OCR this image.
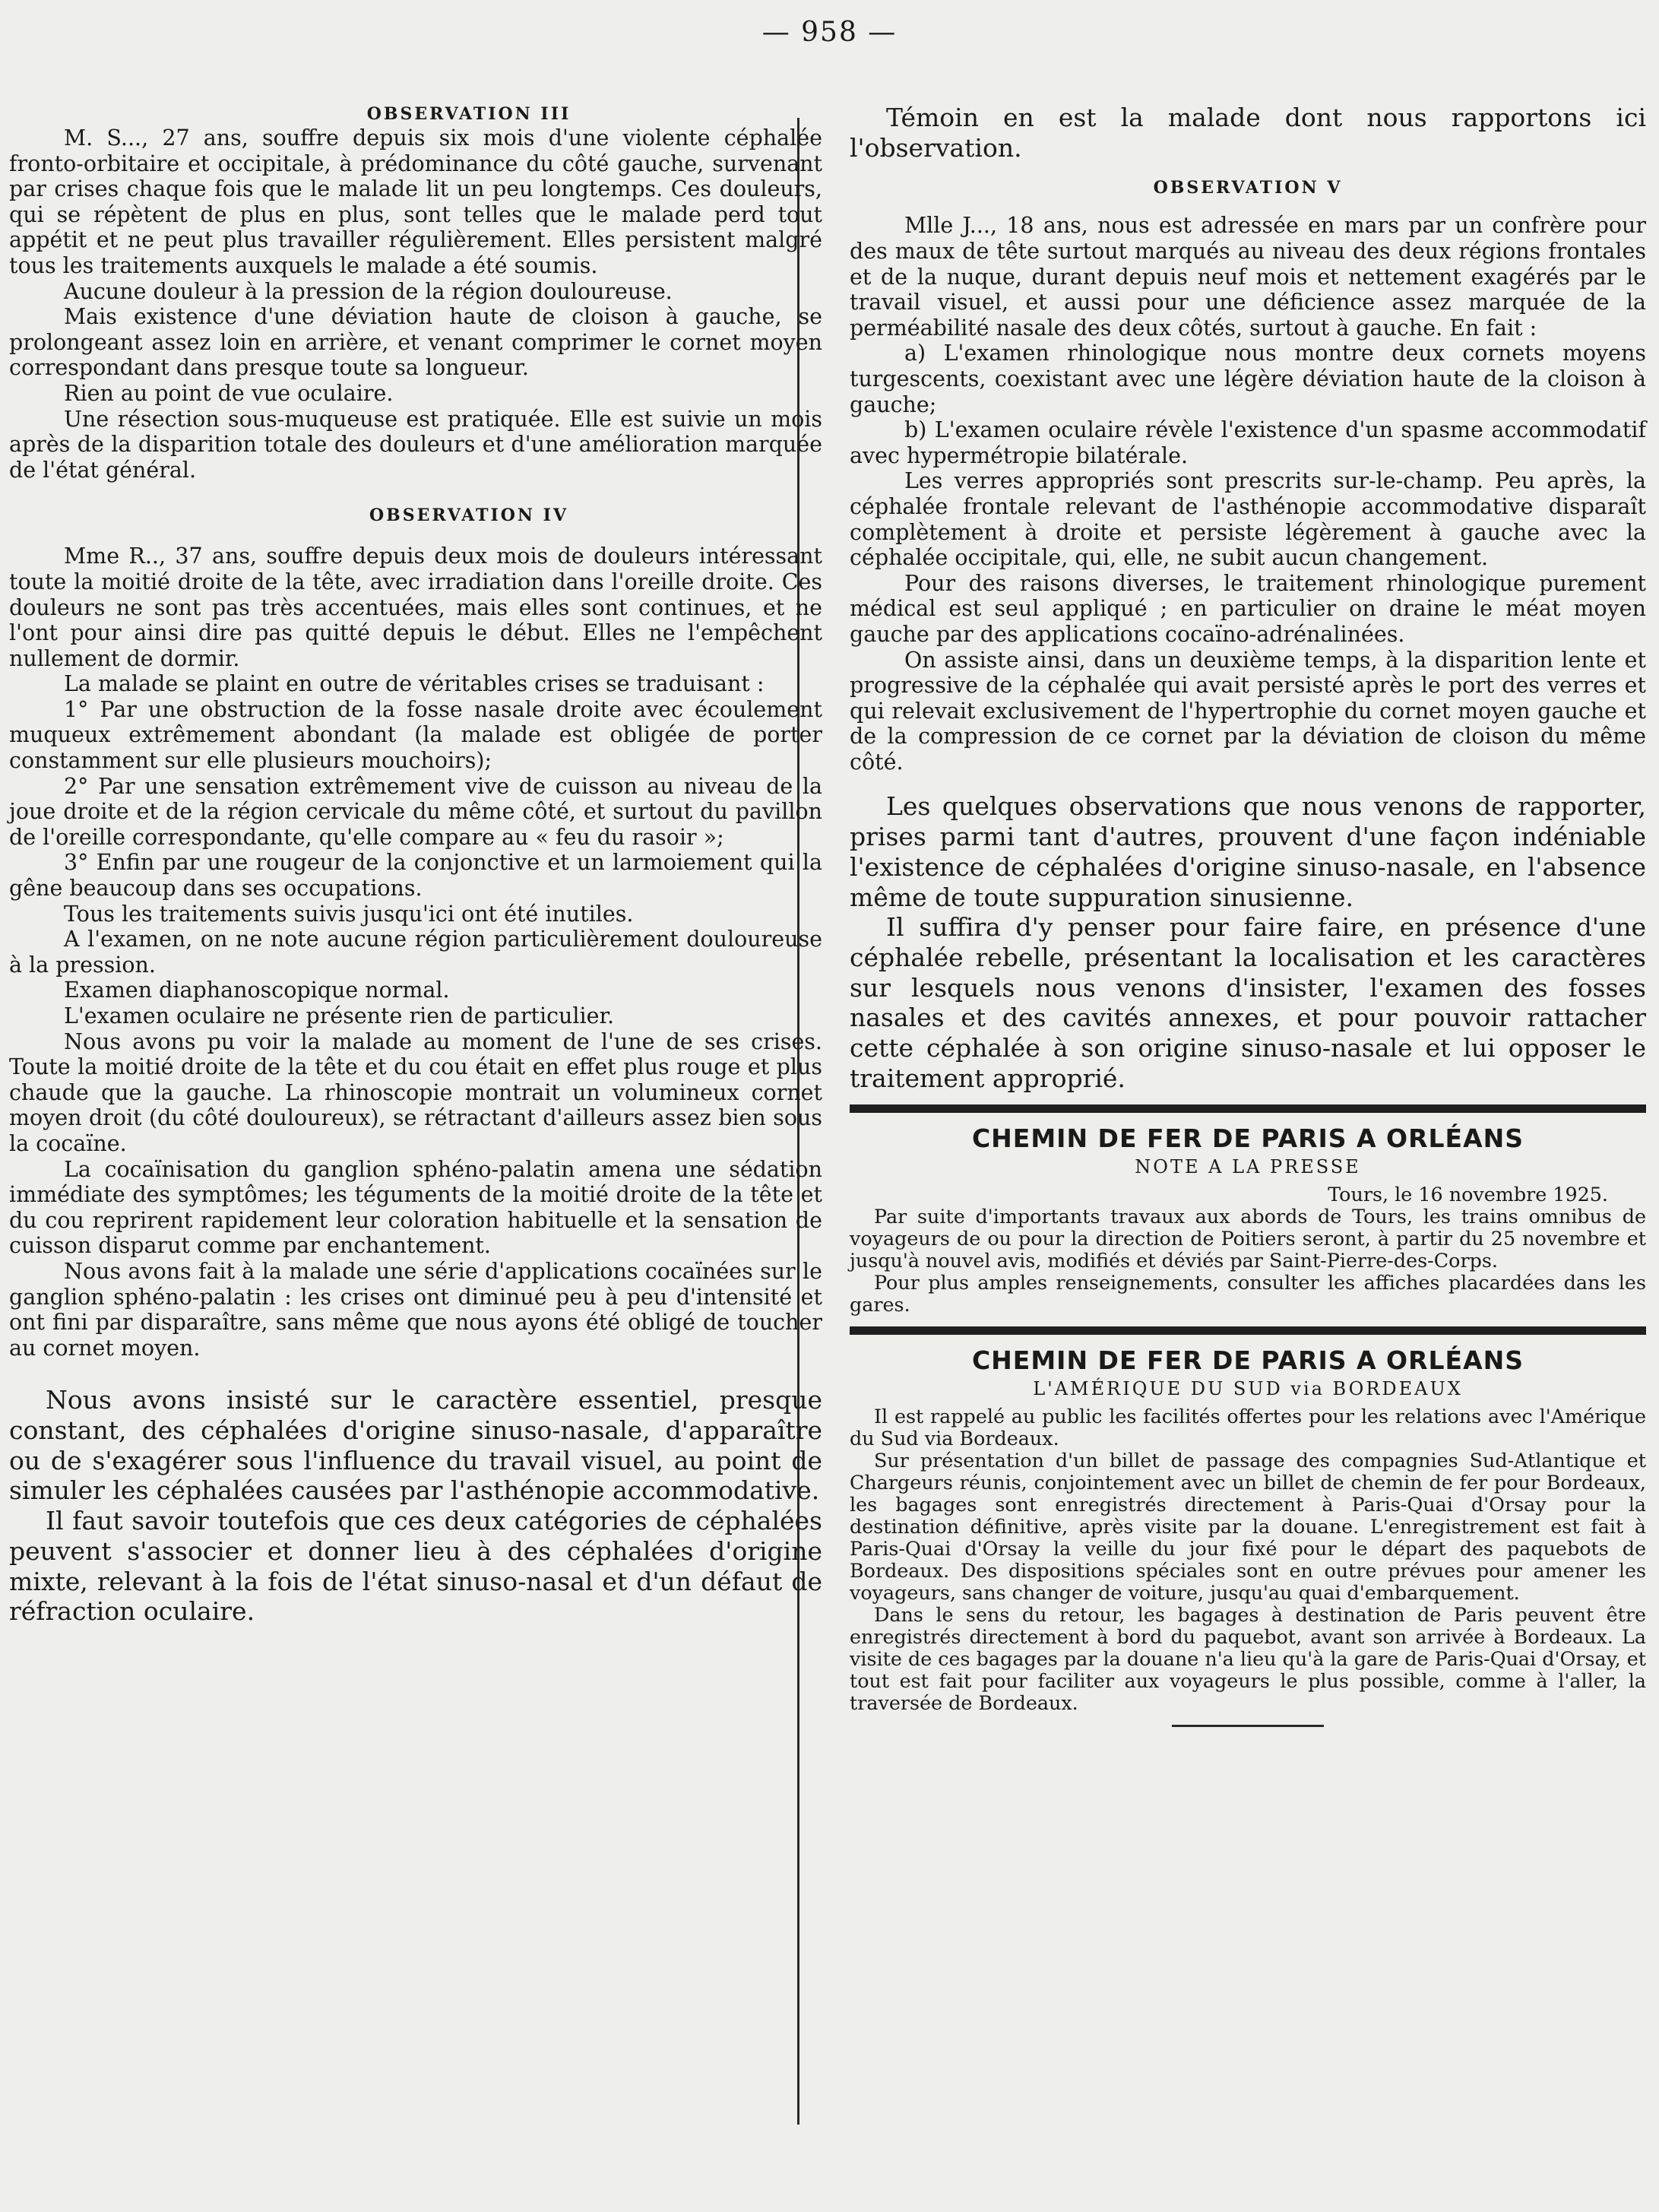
— 958 —
OBSERVATION III

M. S..., 27 ans, souffre depuis six mois d'une violente céphalée fronto-orbitaire et occipitale, à prédominance du côté gauche, survenant par crises chaque fois que le malade lit un peu longtemps. Ces douleurs, qui se répètent de plus en plus, sont telles que le malade perd tout appétit et ne peut plus travailler régulièrement. Elles persistent malgré tous les traitements auxquels le malade a été soumis.

Aucune douleur à la pression de la région douloureuse.

Mais existence d'une déviation haute de cloison à gauche, se prolongeant assez loin en arrière, et venant comprimer le cornet moyen correspondant dans presque toute sa longueur.

Rien au point de vue oculaire.

Une résection sous-muqueuse est pratiquée. Elle est suivie un mois après de la disparition totale des douleurs et d'une amélioration marquée de l'état général.

OBSERVATION IV

Mme R.., 37 ans, souffre depuis deux mois de douleurs intéressant toute la moitié droite de la tête, avec irradiation dans l'oreille droite. Ces douleurs ne sont pas très accentuées, mais elles sont continues, et ne l'ont pour ainsi dire pas quitté depuis le début. Elles ne l'empêchent nullement de dormir.

La malade se plaint en outre de véritables crises se traduisant :

1° Par une obstruction de la fosse nasale droite avec écoulement muqueux extrêmement abondant (la malade est obligée de porter constamment sur elle plusieurs mouchoirs);

2° Par une sensation extrêmement vive de cuisson au niveau de la joue droite et de la région cervicale du même côté, et surtout du pavillon de l'oreille correspondante, qu'elle compare au « feu du rasoir »;

3° Enfin par une rougeur de la conjonctive et un larmoiement qui la gêne beaucoup dans ses occupations.

Tous les traitements suivis jusqu'ici ont été inutiles.

A l'examen, on ne note aucune région particulièrement douloureuse à la pression.

Examen diaphanoscopique normal.

L'examen oculaire ne présente rien de particulier.

Nous avons pu voir la malade au moment de l'une de ses crises. Toute la moitié droite de la tête et du cou était en effet plus rouge et plus chaude que la gauche. La rhinoscopie montrait un volumineux cornet moyen droit (du côté douloureux), se rétractant d'ailleurs assez bien sous la cocaïne.

La cocaïnisation du ganglion sphéno-palatin amena une sédation immédiate des symptômes; les téguments de la moitié droite de la tête et du cou reprirent rapidement leur coloration habituelle et la sensation de cuisson disparut comme par enchantement.

Nous avons fait à la malade une série d'applications cocaïnées sur le ganglion sphéno-palatin : les crises ont diminué peu à peu d'intensité et ont fini par disparaître, sans même que nous ayons été obligé de toucher au cornet moyen.

Nous avons insisté sur le caractère essentiel, presque constant, des céphalées d'origine sinuso-nasale, d'apparaître ou de s'exagérer sous l'influence du travail visuel, au point de simuler les céphalées causées par l'asthénopie accommodative.

Il faut savoir toutefois que ces deux catégories de céphalées peuvent s'associer et donner lieu à des céphalées d'origine mixte, relevant à la fois de l'état sinuso-nasal et d'un défaut de réfraction oculaire.

Témoin en est la malade dont nous rapportons ici l'observation.

OBSERVATION V

Mlle J..., 18 ans, nous est adressée en mars par un confrère pour des maux de tête surtout marqués au niveau des deux régions frontales et de la nuque, durant depuis neuf mois et nettement exagérés par le travail visuel, et aussi pour une déficience assez marquée de la perméabilité nasale des deux côtés, surtout à gauche. En fait :

a) L'examen rhinologique nous montre deux cornets moyens turgescents, coexistant avec une légère déviation haute de la cloison à gauche;

b) L'examen oculaire révèle l'existence d'un spasme accommodatif avec hypermétropie bilatérale.

Les verres appropriés sont prescrits sur-le-champ. Peu après, la céphalée frontale relevant de l'asthénopie accommodative disparaît complètement à droite et persiste légèrement à gauche avec la céphalée occipitale, qui, elle, ne subit aucun changement.

Pour des raisons diverses, le traitement rhinologique purement médical est seul appliqué ; en particulier on draine le méat moyen gauche par des applications cocaïno-adrénalinées.

On assiste ainsi, dans un deuxième temps, à la disparition lente et progressive de la céphalée qui avait persisté après le port des verres et qui relevait exclusivement de l'hypertrophie du cornet moyen gauche et de la compression de ce cornet par la déviation de cloison du même côté.

Les quelques observations que nous venons de rapporter, prises parmi tant d'autres, prouvent d'une façon indéniable l'existence de céphalées d'origine sinuso-nasale, en l'absence même de toute suppuration sinusienne.

Il suffira d'y penser pour faire faire, en présence d'une céphalée rebelle, présentant la localisation et les caractères sur lesquels nous venons d'insister, l'examen des fosses nasales et des cavités annexes, et pour pouvoir rattacher cette céphalée à son origine sinuso-nasale et lui opposer le traitement approprié.

CHEMIN DE FER DE PARIS A ORLÉANS
NOTE A LA PRESSE

Tours, le 16 novembre 1925.

Par suite d'importants travaux aux abords de Tours, les trains omnibus de voyageurs de ou pour la direction de Poitiers seront, à partir du 25 novembre et jusqu'à nouvel avis, modifiés et déviés par Saint-Pierre-des-Corps.

Pour plus amples renseignements, consulter les affiches placardées dans les gares.

CHEMIN DE FER DE PARIS A ORLÉANS
L'AMÉRIQUE DU SUD via BORDEAUX

Il est rappelé au public les facilités offertes pour les relations avec l'Amérique du Sud via Bordeaux.

Sur présentation d'un billet de passage des compagnies Sud-Atlantique et Chargeurs réunis, conjointement avec un billet de chemin de fer pour Bordeaux, les bagages sont enregistrés directement à Paris-Quai d'Orsay pour la destination définitive, après visite par la douane. L'enregistrement est fait à Paris-Quai d'Orsay la veille du jour fixé pour le départ des paquebots de Bordeaux. Des dispositions spéciales sont en outre prévues pour amener les voyageurs, sans changer de voiture, jusqu'au quai d'embarquement.

Dans le sens du retour, les bagages à destination de Paris peuvent être enregistrés directement à bord du paquebot, avant son arrivée à Bordeaux. La visite de ces bagages par la douane n'a lieu qu'à la gare de Paris-Quai d'Orsay, et tout est fait pour faciliter aux voyageurs le plus possible, comme à l'aller, la traversée de Bordeaux.
